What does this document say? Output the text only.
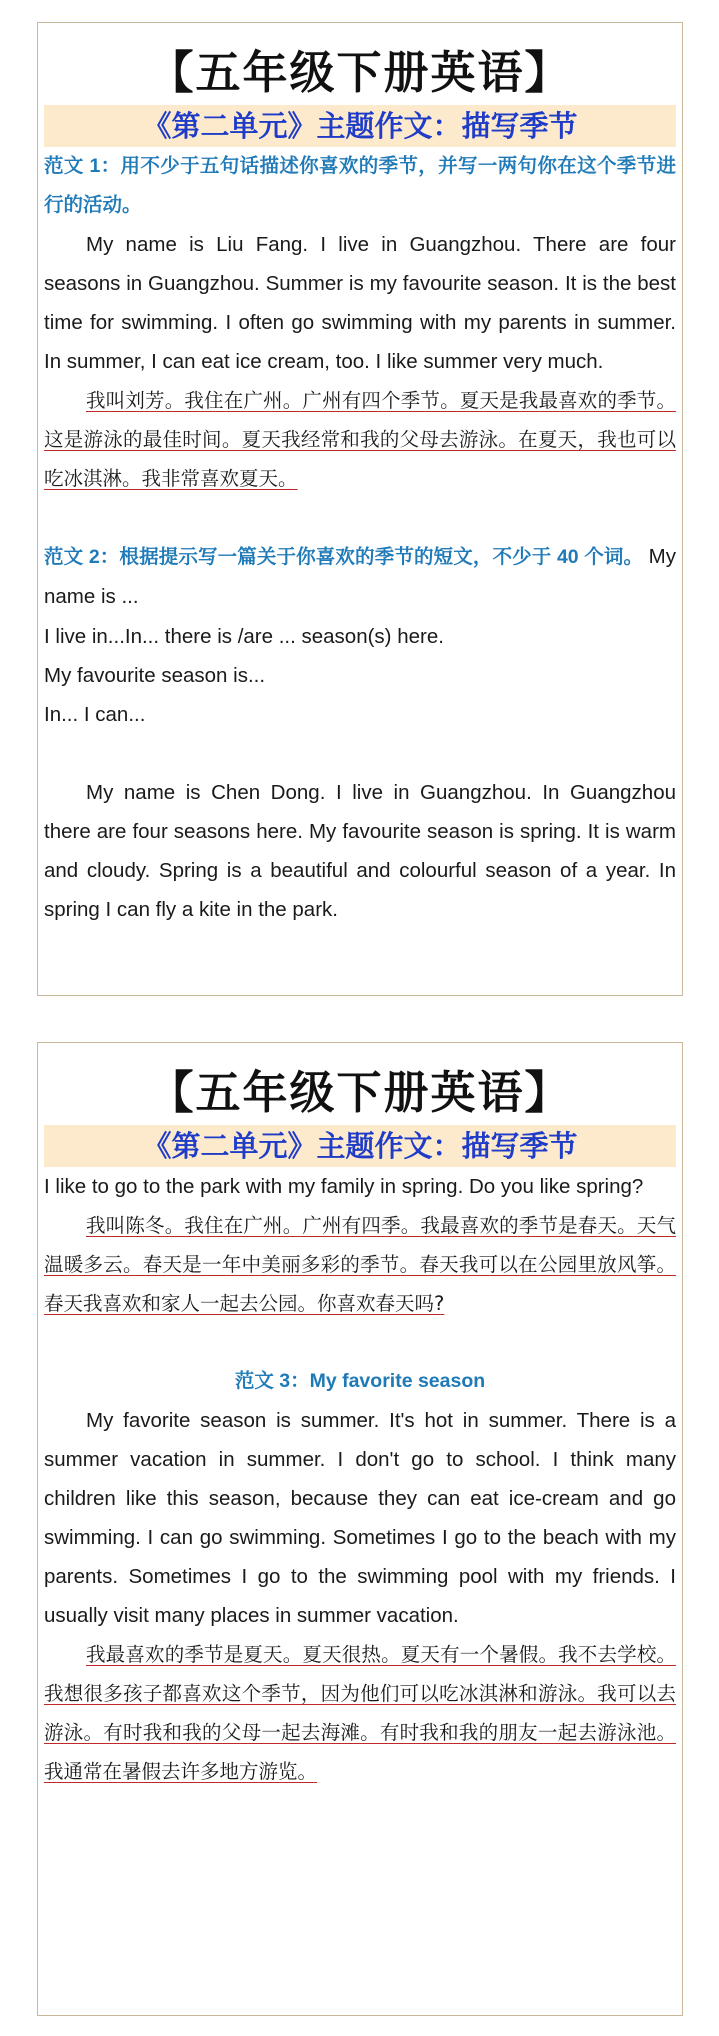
【五年级下册英语】
《第二单元》主题作文：描写季节

范文 1：用不少于五句话描述你喜欢的季节，并写一两句你在这个季节进行的活动。

My name is Liu Fang. I live in Guangzhou. There are four seasons in Guangzhou. Summer is my favourite season. It is the best time for swimming. I often go swimming with my parents in summer. In summer, I can eat ice cream, too. I like summer very much.

我叫刘芳。我住在广州。广州有四个季节。夏天是我最喜欢的季节。这是游泳的最佳时间。夏天我经常和我的父母去游泳。在夏天，我也可以吃冰淇淋。我非常喜欢夏天。

范文 2：根据提示写一篇关于你喜欢的季节的短文，不少于 40 个词。 My name is ...

I live in...In... there is /are ... season(s) here.

My favourite season is...

In... I can...

My name is Chen Dong. I live in Guangzhou. In Guangzhou there are four seasons here. My favourite season is spring. It is warm and cloudy. Spring is a beautiful and colourful season of a year. In spring I can fly a kite in the park.

【五年级下册英语】
《第二单元》主题作文：描写季节

I like to go to the park with my family in spring. Do you like spring?

我叫陈冬。我住在广州。广州有四季。我最喜欢的季节是春天。天气温暖多云。春天是一年中美丽多彩的季节。春天我可以在公园里放风筝。春天我喜欢和家人一起去公园。你喜欢春天吗?

范文 3：My favorite season

My favorite season is summer. It's hot in summer. There is a summer vacation in summer. I don't go to school. I think many children like this season, because they can eat ice-cream and go swimming. I can go swimming. Sometimes I go to the beach with my parents. Sometimes I go to the swimming pool with my friends. I usually visit many places in summer vacation.

我最喜欢的季节是夏天。夏天很热。夏天有一个暑假。我不去学校。我想很多孩子都喜欢这个季节，因为他们可以吃冰淇淋和游泳。我可以去游泳。有时我和我的父母一起去海滩。有时我和我的朋友一起去游泳池。我通常在暑假去许多地方游览。
